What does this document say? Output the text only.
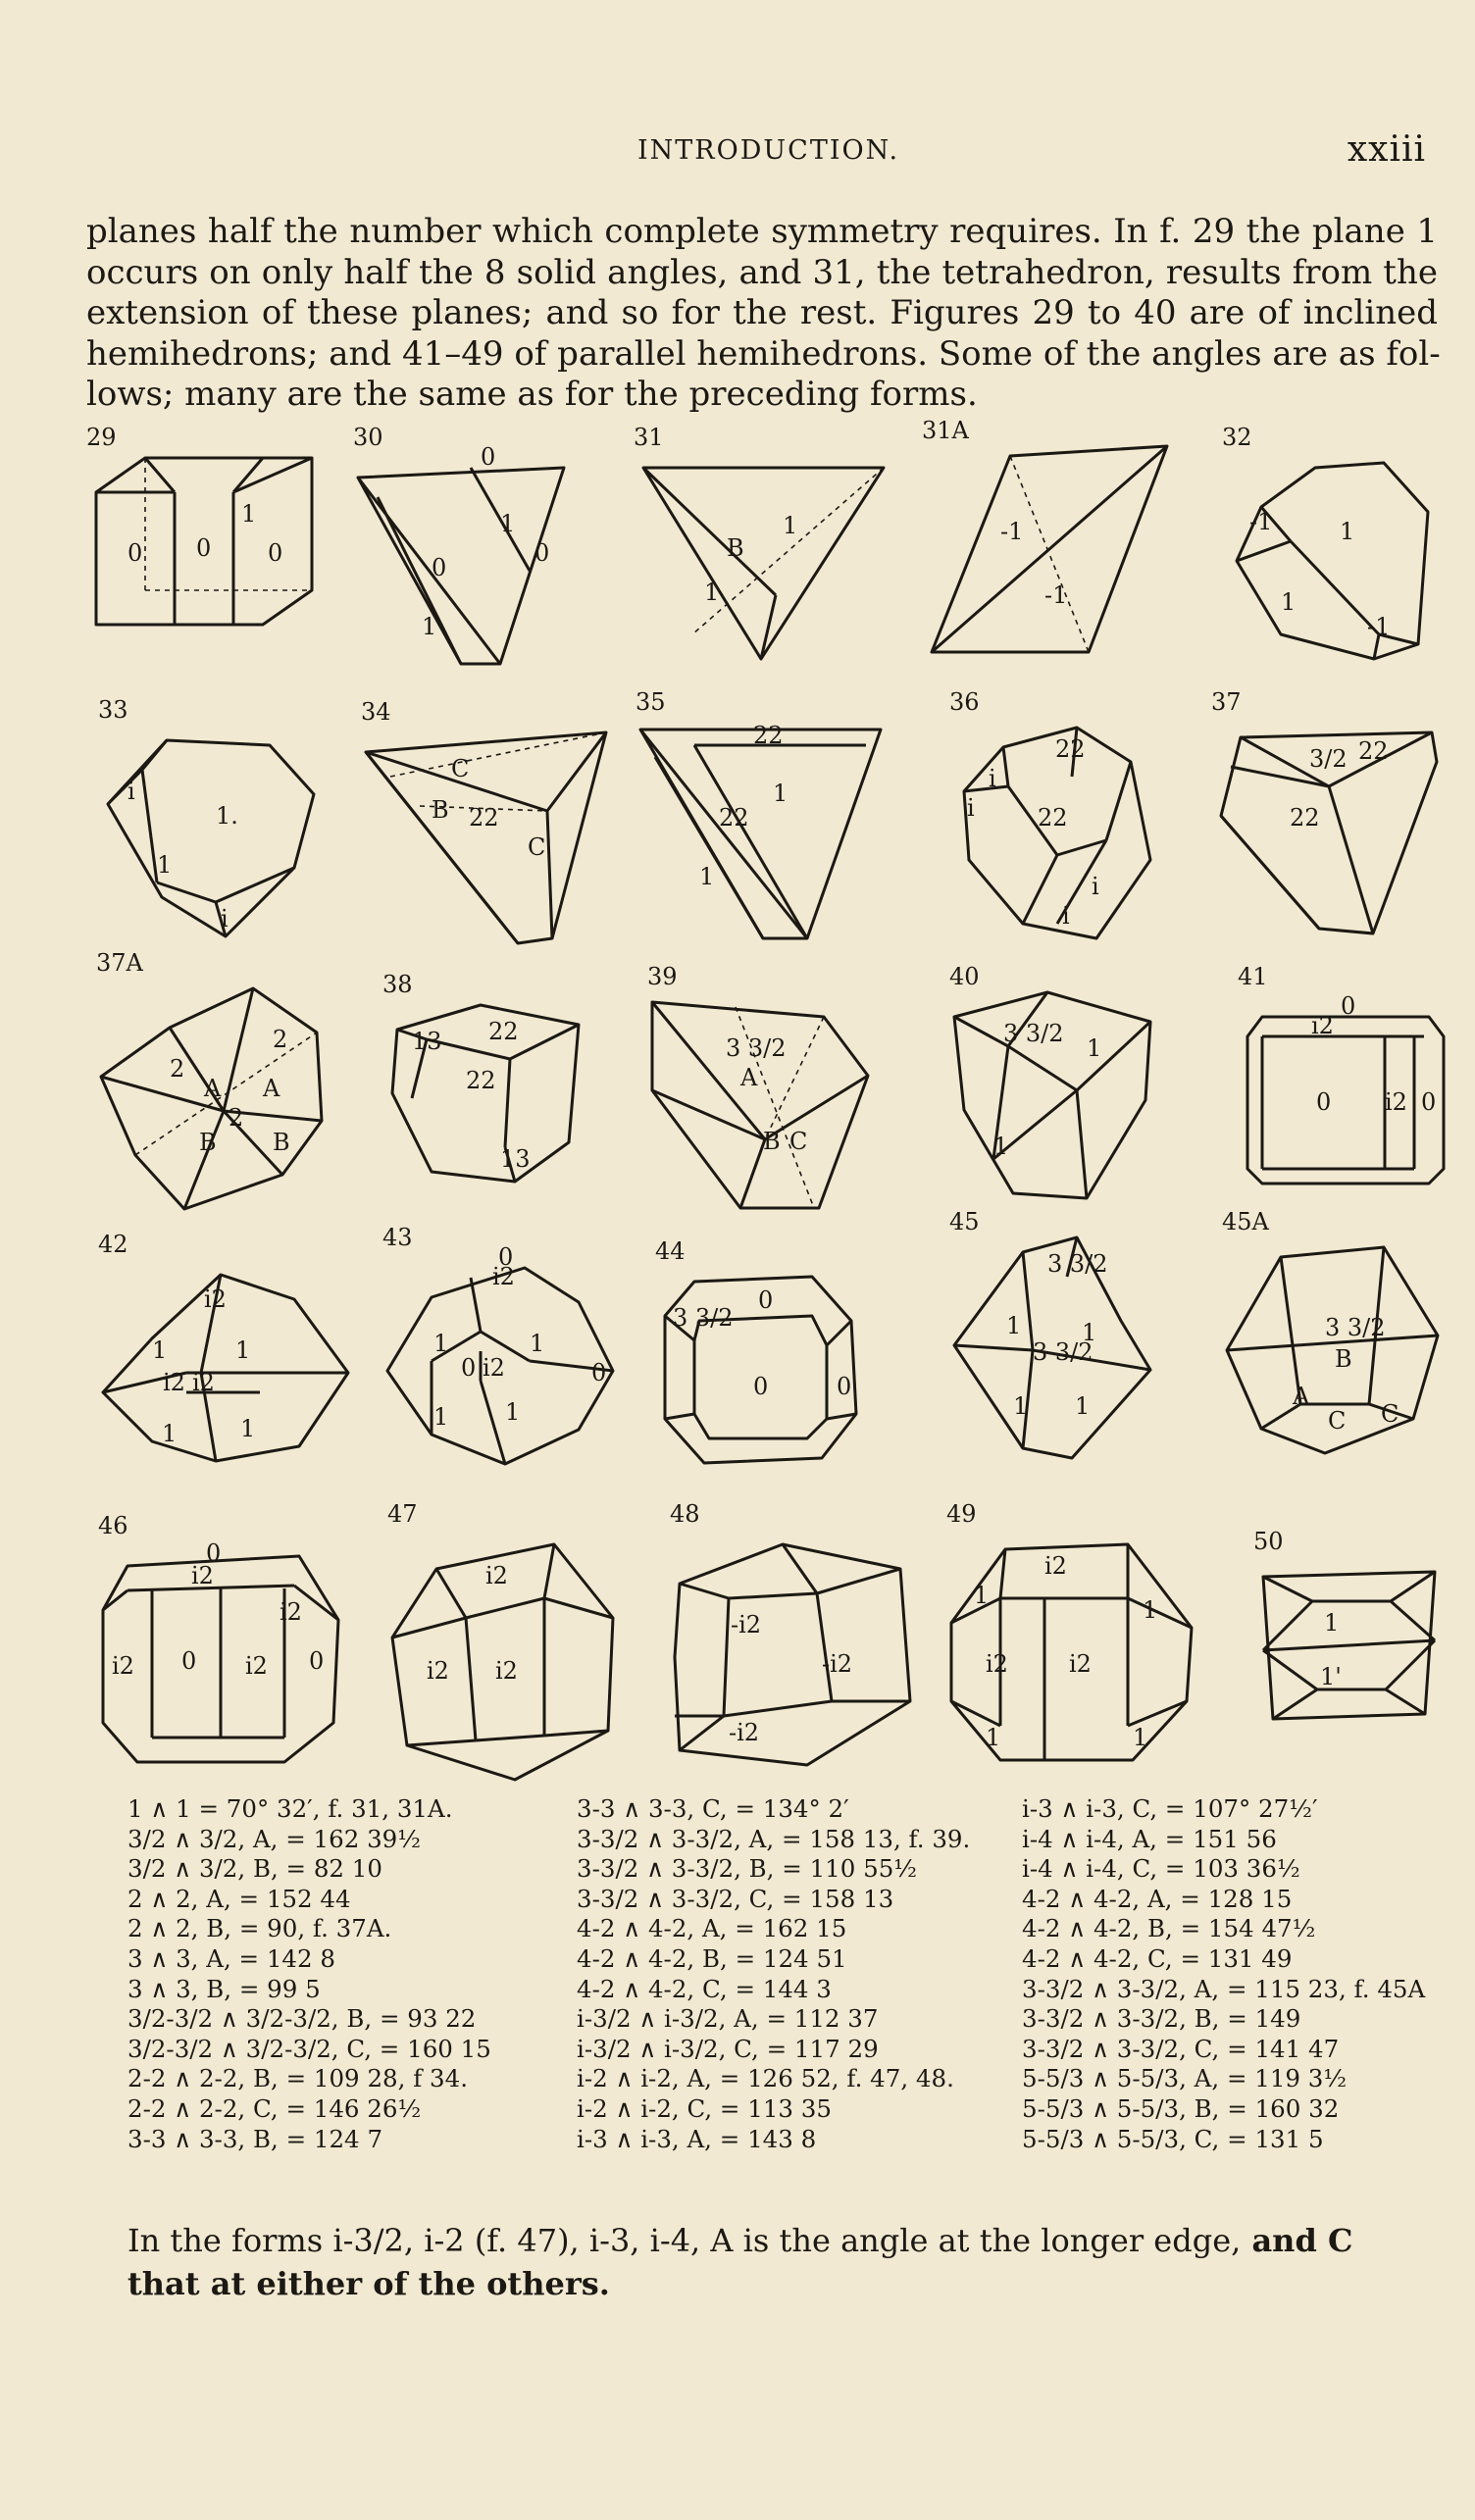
INTRODUCTION.	xxiii
planes half the number which complete symmetry requires. In f. 29 the plane 1
occurs on only half the 8 solid angles, and 31, the tetrahedron, results from the
extension of these planes; and so for the rest. Figures 29 to 40 are of inclined
hemihedrons; and 41–49 of parallel hemihedrons. Some of the angles are as fol-
lows; many are the same as for the preceding forms.
29
0	0
1
0
30
0
1
0
0
1
31
1
B
1
31A
-1
-1
32
-1	1
1
-1
33
i
1.
1
i
34
C
B 22
C
35
22
1
22
1
36
i
22
i	22
i
i
37
3/2 22
22
37A
2
2
A A
2
B B
38
13 22
22
13
39
3 3/2
A
B C
40
3 3/2
1
1
41
0
i2
0 i2 0
42
i2
1	1
i2 i2
1	1
43
0
i2
1	1
0 i2	0
1 1
44
0
3 3/2
0	0
45
3 3/2
1	1
3 3/2
1 1
45A
3 3/2
B
A
C C
46
0
i2
i2
i2 0 i2 0
47
i2
i2 i2
48
-i2
-i2
-i2
49
i2
1
1
i2	i2
1	1
50
1
1'
1 ∧ 1 = 70° 32′, f. 31, 31A.
3/2 ∧ 3/2, A, = 162 39½
3/2 ∧ 3/2, B, = 82 10
2 ∧ 2, A, = 152 44
2 ∧ 2, B, = 90, f. 37A.
3 ∧ 3, A, = 142 8
3 ∧ 3, B, = 99 5
3/2-3/2 ∧ 3/2-3/2, B, = 93 22
3/2-3/2 ∧ 3/2-3/2, C, = 160 15
2-2 ∧ 2-2, B, = 109 28, f 34.
2-2 ∧ 2-2, C, = 146 26½
3-3 ∧ 3-3, B, = 124 7
3-3 ∧ 3-3, C, = 134° 2′
3-3/2 ∧ 3-3/2, A, = 158 13, f. 39.
3-3/2 ∧ 3-3/2, B, = 110 55½
3-3/2 ∧ 3-3/2, C, = 158 13
4-2 ∧ 4-2, A, = 162 15
4-2 ∧ 4-2, B, = 124 51
4-2 ∧ 4-2, C, = 144 3
i-3/2 ∧ i-3/2, A, = 112 37
i-3/2 ∧ i-3/2, C, = 117 29
i-2 ∧ i-2, A, = 126 52, f. 47, 48.
i-2 ∧ i-2, C, = 113 35
i-3 ∧ i-3, A, = 143 8
i-3 ∧ i-3, C, = 107° 27½′
i-4 ∧ i-4, A, = 151 56
i-4 ∧ i-4, C, = 103 36½
4-2 ∧ 4-2, A, = 128 15
4-2 ∧ 4-2, B, = 154 47½
4-2 ∧ 4-2, C, = 131 49
3-3/2 ∧ 3-3/2, A, = 115 23, f. 45A
3-3/2 ∧ 3-3/2, B, = 149
3-3/2 ∧ 3-3/2, C, = 141 47
5-5/3 ∧ 5-5/3, A, = 119 3½
5-5/3 ∧ 5-5/3, B, = 160 32
5-5/3 ∧ 5-5/3, C, = 131 5
In the forms i-3/2, i-2 (f. 47), i-3, i-4, A is the angle at the longer edge, and C
that at either of the others.
